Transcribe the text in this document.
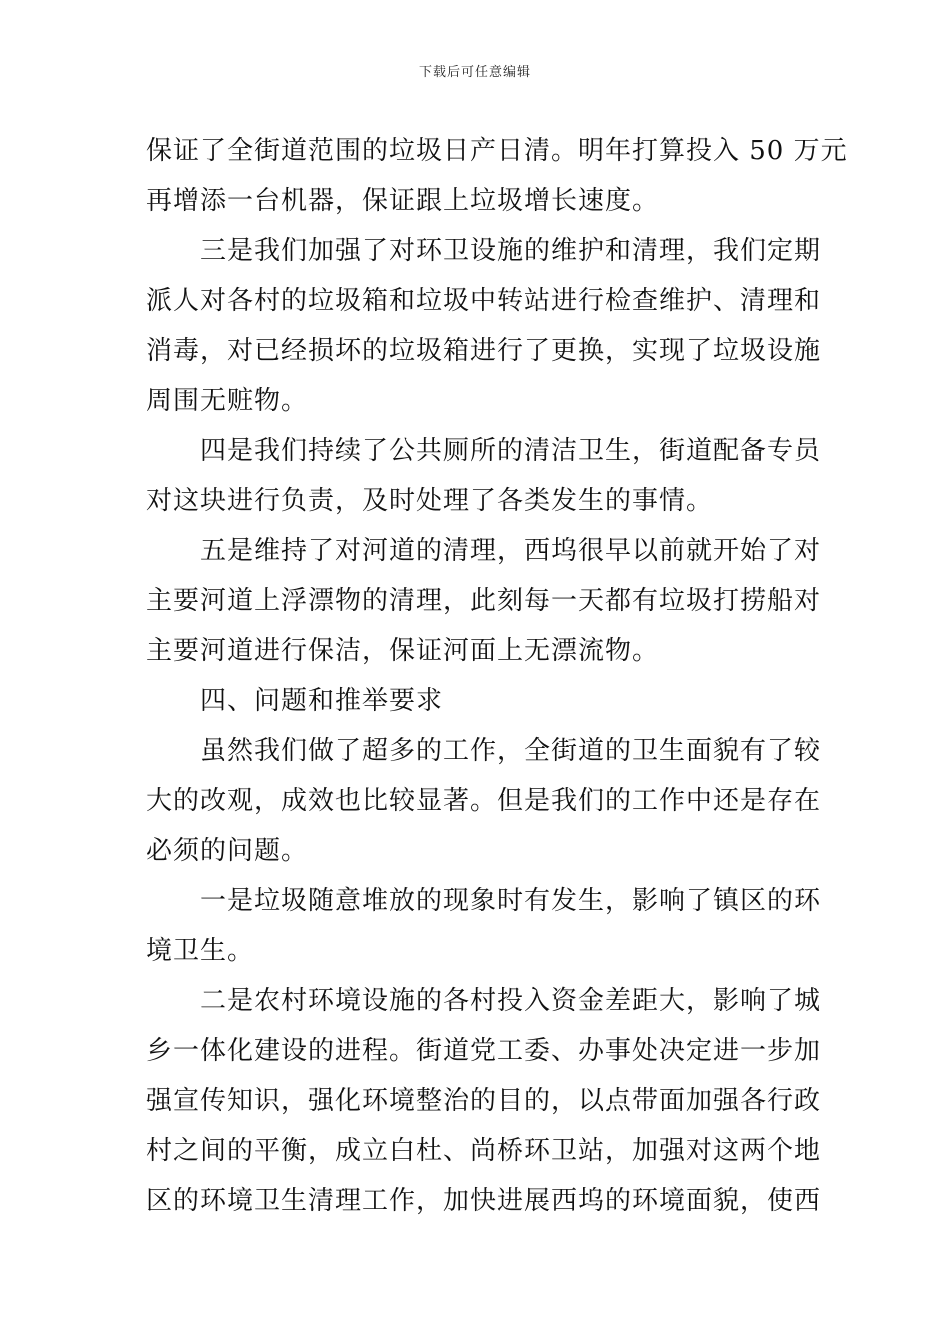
下载后可任意编辑

保证了全街道范围的垃圾日产日清。明年打算投入 50 万元
再增添一台机器，保证跟上垃圾增长速度。

三是我们加强了对环卫设施的维护和清理，我们定期
派人对各村的垃圾箱和垃圾中转站进行检查维护、清理和
消毒，对已经损坏的垃圾箱进行了更换，实现了垃圾设施
周围无赃物。

四是我们持续了公共厕所的清洁卫生，街道配备专员
对这块进行负责，及时处理了各类发生的事情。

五是维持了对河道的清理，西坞很早以前就开始了对
主要河道上浮漂物的清理，此刻每一天都有垃圾打捞船对
主要河道进行保洁，保证河面上无漂流物。

四、问题和推举要求

虽然我们做了超多的工作，全街道的卫生面貌有了较
大的改观，成效也比较显著。但是我们的工作中还是存在
必须的问题。

一是垃圾随意堆放的现象时有发生，影响了镇区的环
境卫生。

二是农村环境设施的各村投入资金差距大，影响了城
乡一体化建设的进程。街道党工委、办事处决定进一步加
强宣传知识，强化环境整治的目的，以点带面加强各行政
村之间的平衡，成立白杜、尚桥环卫站，加强对这两个地
区的环境卫生清理工作，加快进展西坞的环境面貌，使西
